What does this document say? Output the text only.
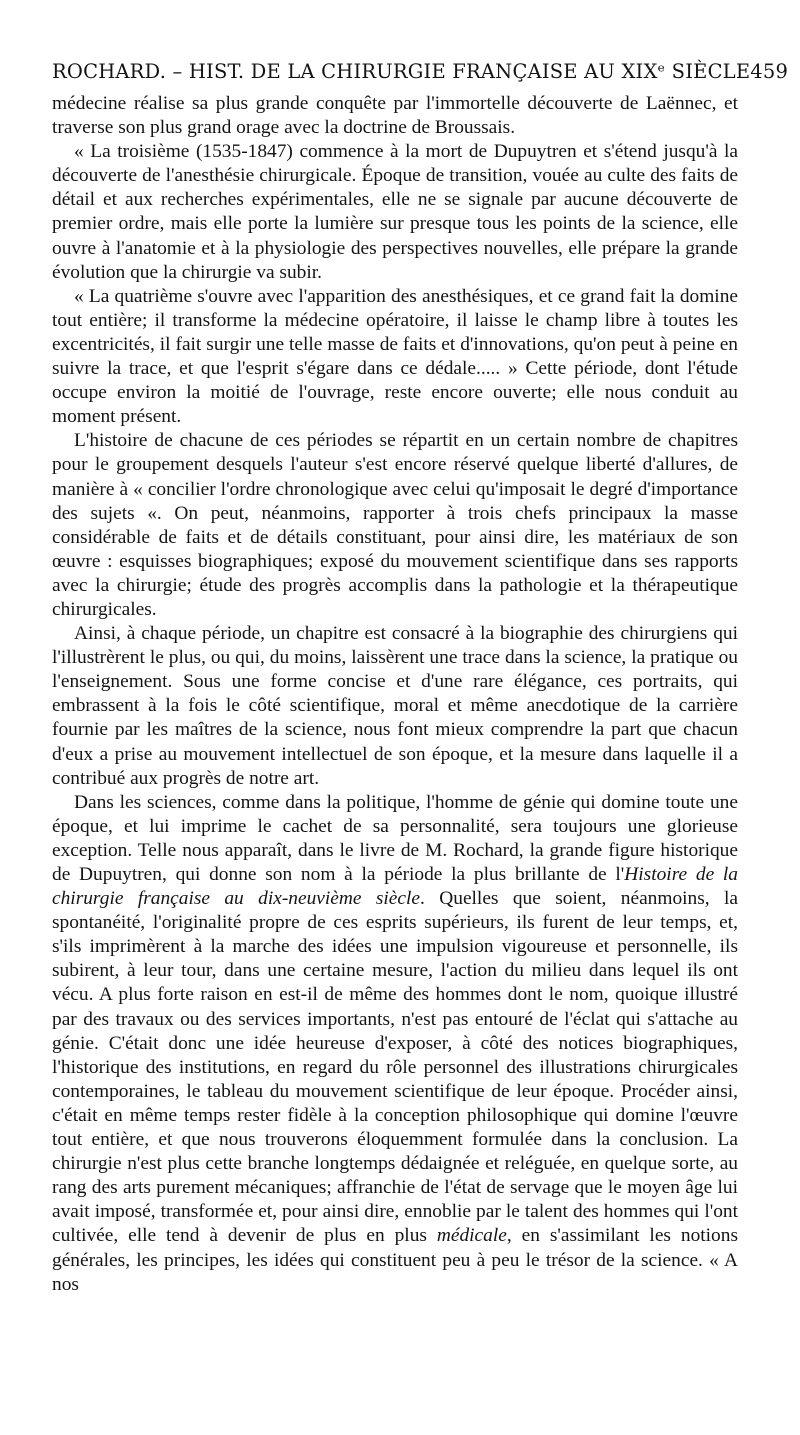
ROCHARD. – HIST. DE LA CHIRURGIE FRANÇAISE AU XIXᵉ SIÈCLE 459

médecine réalise sa plus grande conquête par l'immortelle découverte de Laënnec, et traverse son plus grand orage avec la doctrine de Broussais.

« La troisième (1535-1847) commence à la mort de Dupuytren et s'étend jusqu'à la découverte de l'anesthésie chirurgicale. Époque de transition, vouée au culte des faits de détail et aux recherches expérimentales, elle ne se signale par aucune découverte de premier ordre, mais elle porte la lumière sur presque tous les points de la science, elle ouvre à l'anatomie et à la physiologie des perspectives nouvelles, elle prépare la grande évolution que la chirurgie va subir.

« La quatrième s'ouvre avec l'apparition des anesthésiques, et ce grand fait la domine tout entière; il transforme la médecine opératoire, il laisse le champ libre à toutes les excentricités, il fait surgir une telle masse de faits et d'innovations, qu'on peut à peine en suivre la trace, et que l'esprit s'égare dans ce dédale..... » Cette période, dont l'étude occupe environ la moitié de l'ouvrage, reste encore ouverte; elle nous conduit au moment présent.

L'histoire de chacune de ces périodes se répartit en un certain nombre de chapitres pour le groupement desquels l'auteur s'est encore réservé quelque liberté d'allures, de manière à « concilier l'ordre chronologique avec celui qu'imposait le degré d'importance des sujets «. On peut, néanmoins, rapporter à trois chefs principaux la masse considérable de faits et de détails constituant, pour ainsi dire, les matériaux de son œuvre : esquisses biographiques; exposé du mouvement scientifique dans ses rapports avec la chirurgie; étude des progrès accomplis dans la pathologie et la thérapeutique chirurgicales.

Ainsi, à chaque période, un chapitre est consacré à la biographie des chirurgiens qui l'illustrèrent le plus, ou qui, du moins, laissèrent une trace dans la science, la pratique ou l'enseignement. Sous une forme concise et d'une rare élégance, ces portraits, qui embrassent à la fois le côté scientifique, moral et même anecdotique de la carrière fournie par les maîtres de la science, nous font mieux comprendre la part que chacun d'eux a prise au mouvement intellectuel de son époque, et la mesure dans laquelle il a contribué aux progrès de notre art.

Dans les sciences, comme dans la politique, l'homme de génie qui domine toute une époque, et lui imprime le cachet de sa personnalité, sera toujours une glorieuse exception. Telle nous apparaît, dans le livre de M. Rochard, la grande figure historique de Dupuytren, qui donne son nom à la période la plus brillante de l'Histoire de la chirurgie française au dix-neuvième siècle. Quelles que soient, néanmoins, la spontanéité, l'originalité propre de ces esprits supérieurs, ils furent de leur temps, et, s'ils imprimèrent à la marche des idées une impulsion vigoureuse et personnelle, ils subirent, à leur tour, dans une certaine mesure, l'action du milieu dans lequel ils ont vécu. A plus forte raison en est-il de même des hommes dont le nom, quoique illustré par des travaux ou des services importants, n'est pas entouré de l'éclat qui s'attache au génie. C'était donc une idée heureuse d'exposer, à côté des notices biographiques, l'historique des institutions, en regard du rôle personnel des illustrations chirurgicales contemporaines, le tableau du mouvement scientifique de leur époque. Procéder ainsi, c'était en même temps rester fidèle à la conception philosophique qui domine l'œuvre tout entière, et que nous trouverons éloquemment formulée dans la conclusion. La chirurgie n'est plus cette branche longtemps dédaignée et reléguée, en quelque sorte, au rang des arts purement mécaniques; affranchie de l'état de servage que le moyen âge lui avait imposé, transformée et, pour ainsi dire, ennoblie par le talent des hommes qui l'ont cultivée, elle tend à devenir de plus en plus médicale, en s'assimilant les notions générales, les principes, les idées qui constituent peu à peu le trésor de la science. « A nos
